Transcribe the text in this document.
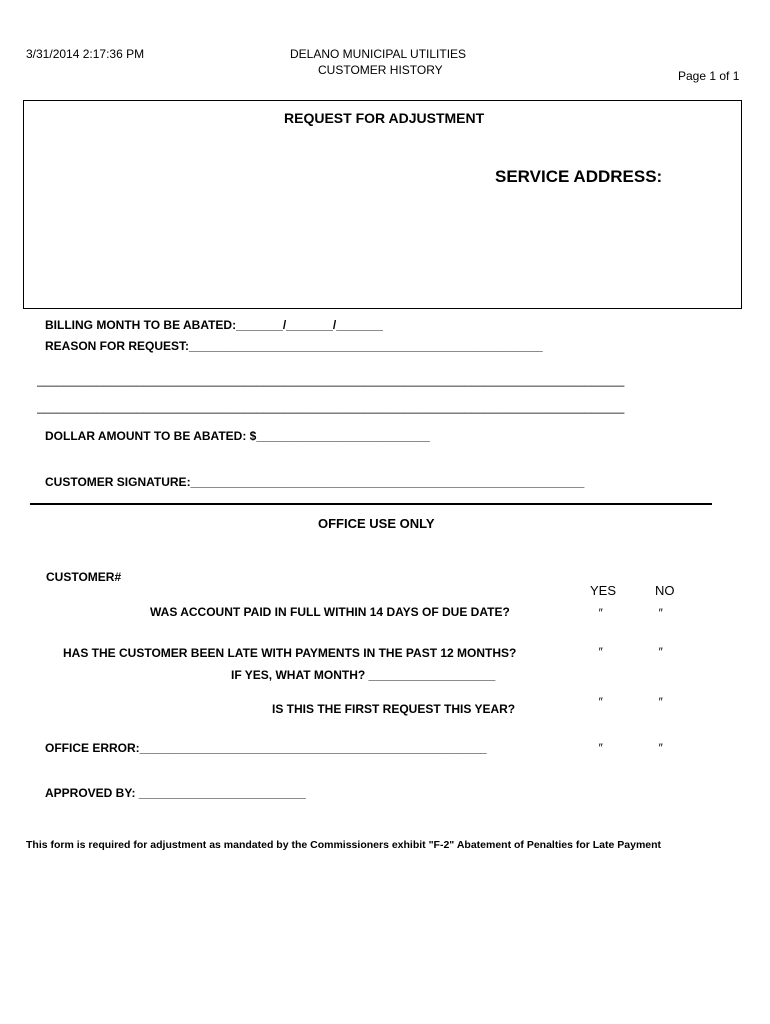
3/31/2014 2:17:36 PM	DELANO MUNICIPAL UTILITIES
CUSTOMER HISTORY	Page 1 of 1
REQUEST FOR ADJUSTMENT
SERVICE ADDRESS:
BILLING MONTH TO BE ABATED:_______/_______/_______
REASON FOR REQUEST:_____________________________________________________
________________________________________________________________________________________
________________________________________________________________________________________
DOLLAR AMOUNT TO BE ABATED: $__________________________
CUSTOMER SIGNATURE:___________________________________________________________
OFFICE USE ONLY
CUSTOMER#
YES	NO
WAS ACCOUNT PAID IN FULL WITHIN 14 DAYS OF DUE DATE?	″	″
HAS THE CUSTOMER BEEN LATE WITH PAYMENTS IN THE PAST 12 MONTHS?	″	″
IF YES, WHAT MONTH? ___________________
IS THIS THE FIRST REQUEST THIS YEAR?	″	″
OFFICE ERROR:____________________________________________________	″	″
APPROVED BY: _________________________
This form is required for adjustment as mandated by the Commissioners exhibit "F-2" Abatement of Penalties for Late Payment
